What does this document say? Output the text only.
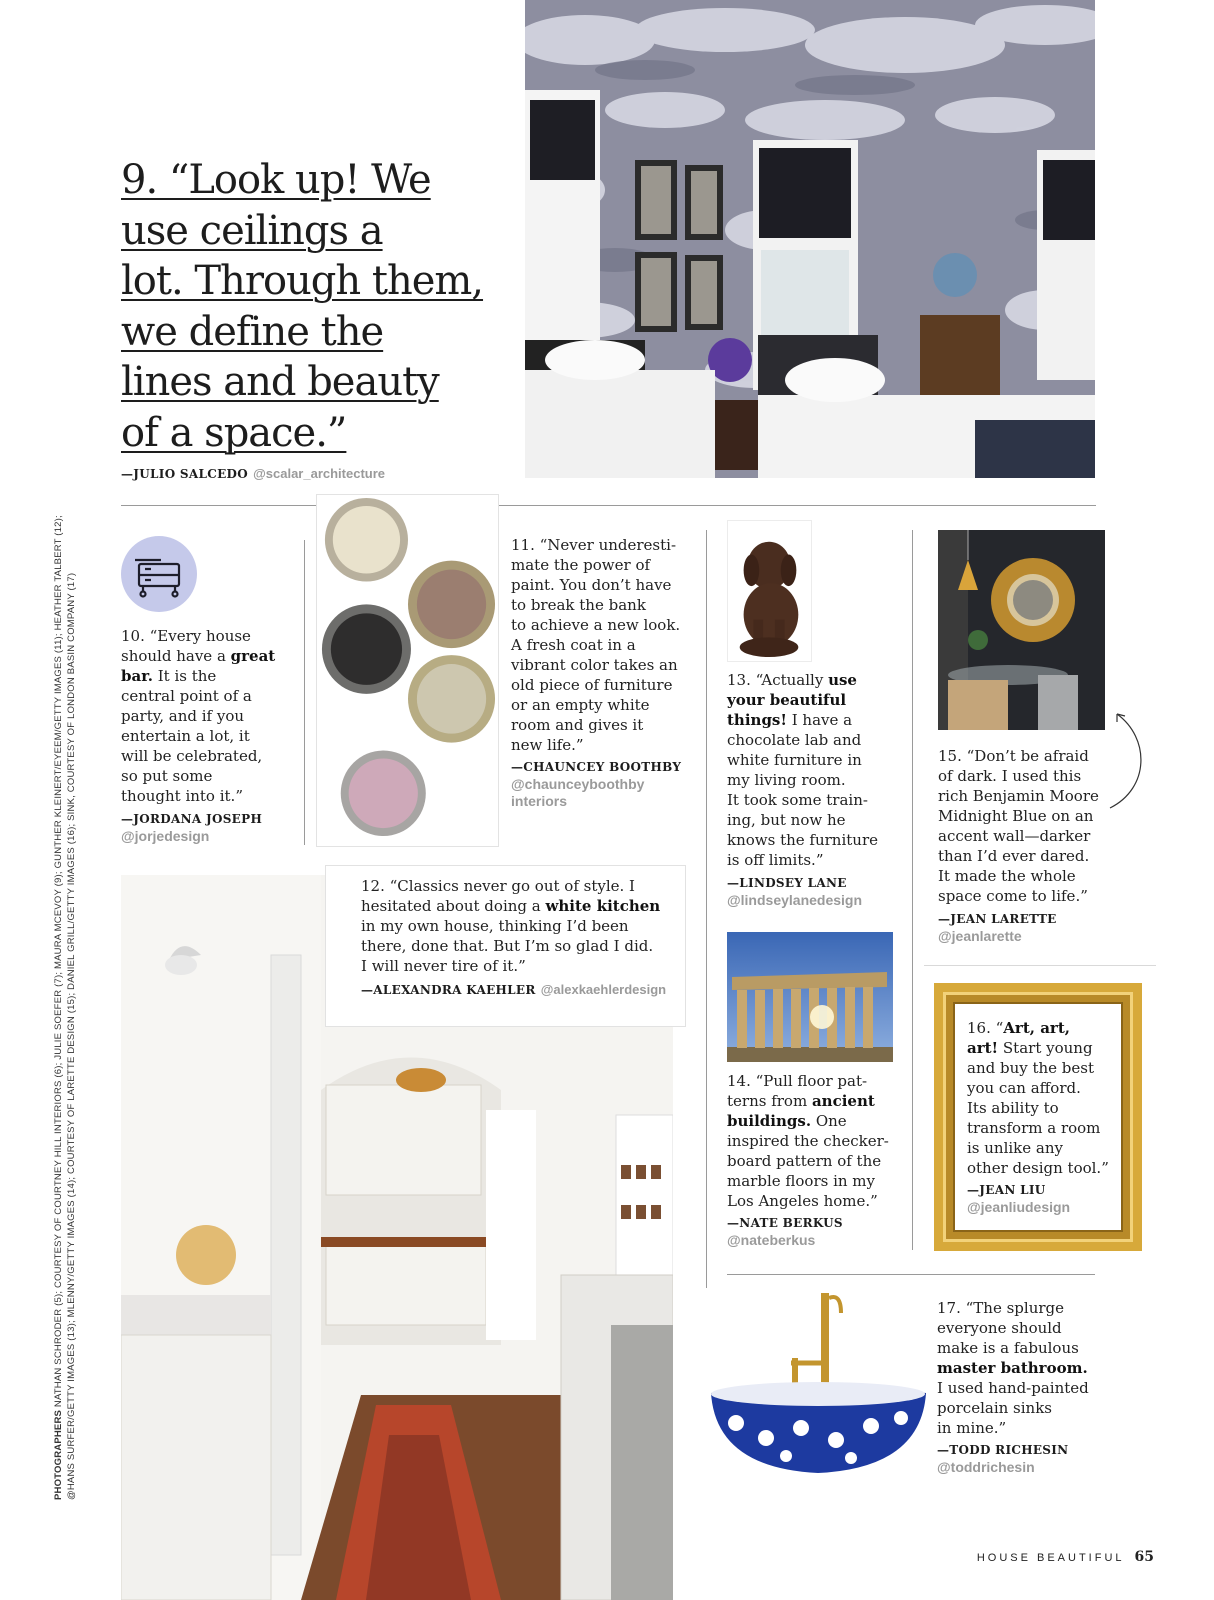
PHOTOGRAPHERS NATHAN SCHRODER (5); COURTESY OF COURTNEY HILL INTERIORS (6); JULIE SOEFER (7); MAURA MCEVOY (9); GUNTHER KLEINERT/EYEEM/GETTY IMAGES (11); HEATHER TALBERT (12); @HANS SURFER/GETTY IMAGES (13); MLENNY/GETTY IMAGES (14); COURTESY OF LARETTE DESIGN (15); DANIEL GRILL/GETTY IMAGES (16); SINK, COURTESY OF LONDON BASIN COMPANY (17)
9. “Look up! We
use ceilings a
lot. Through them,
we define the
lines and beauty
of a space.”
—JULIO SALCEDO @scalar_architecture
10. “Every house
should have a great
bar. It is the
central point of a
party, and if you
entertain a lot, it
will be celebrated,
so put some
thought into it.”
—JORDANA JOSEPH
@jorjedesign
11. “Never underesti-
mate the power of
paint. You don’t have
to break the bank
to achieve a new look.
A fresh coat in a
vibrant color takes an
old piece of furniture
or an empty white
room and gives it
new life.”
—CHAUNCEY BOOTHBY
@chaunceyboothby
interiors
13. “Actually use
your beautiful
things! I have a
chocolate lab and
white furniture in
my living room.
It took some train-
ing, but now he
knows the furniture
is off limits.”
—LINDSEY LANE
@lindseylanedesign
15. “Don’t be afraid
of dark. I used this
rich Benjamin Moore
Midnight Blue on an
accent wall—darker
than I’d ever dared.
It made the whole
space come to life.”
—JEAN LARETTE
@jeanlarette
12. “Classics never go out of style. I
hesitated about doing a white kitchen
in my own house, thinking I’d been
there, done that. But I’m so glad I did.
I will never tire of it.”
—ALEXANDRA KAEHLER @alexkaehlerdesign
14. “Pull floor pat-
terns from ancient
buildings. One
inspired the checker-
board pattern of the
marble floors in my
Los Angeles home.”
—NATE BERKUS
@nateberkus
16. “Art, art,
art! Start young
and buy the best
you can afford.
Its ability to
transform a room
is unlike any
other design tool.”
—JEAN LIU
@jeanliudesign
17. “The splurge
everyone should
make is a fabulous
master bathroom.
I used hand-painted
porcelain sinks
in mine.”
—TODD RICHESIN
@toddrichesin
HOUSE BEAUTIFUL 65
